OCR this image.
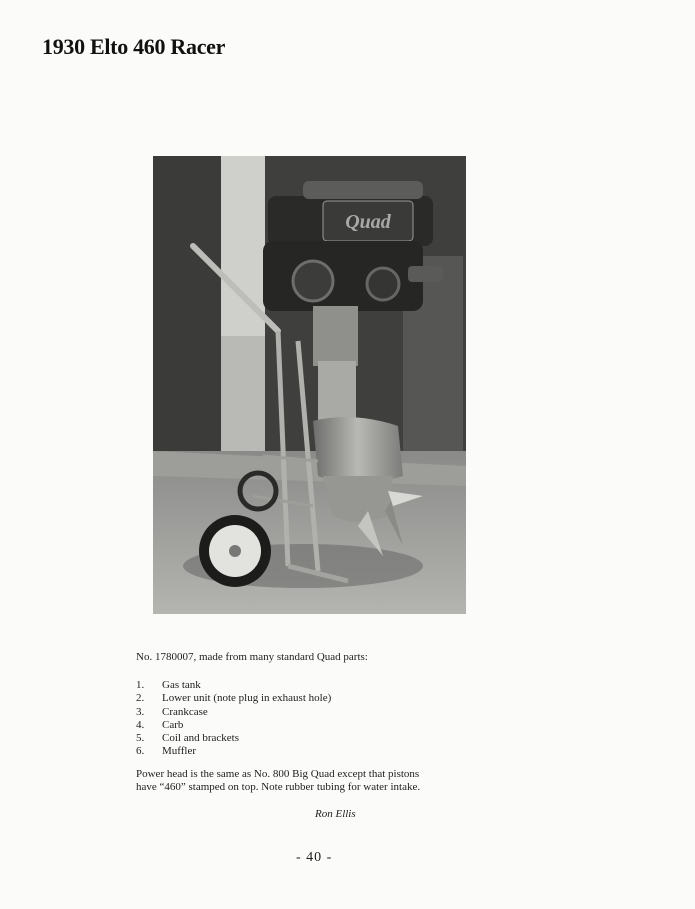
1930 Elto 460 Racer
Quad

No. 1780007, made from many standard Quad parts:

1.	Gas tank
2.	Lower unit (note plug in exhaust hole)
3.	Crankcase
4.	Carb
5.	Coil and brackets
6.	Muffler

Power head is the same as No. 800 Big Quad except that pistons
have “460” stamped on top. Note rubber tubing for water intake.

Ron Ellis
- 40 -
